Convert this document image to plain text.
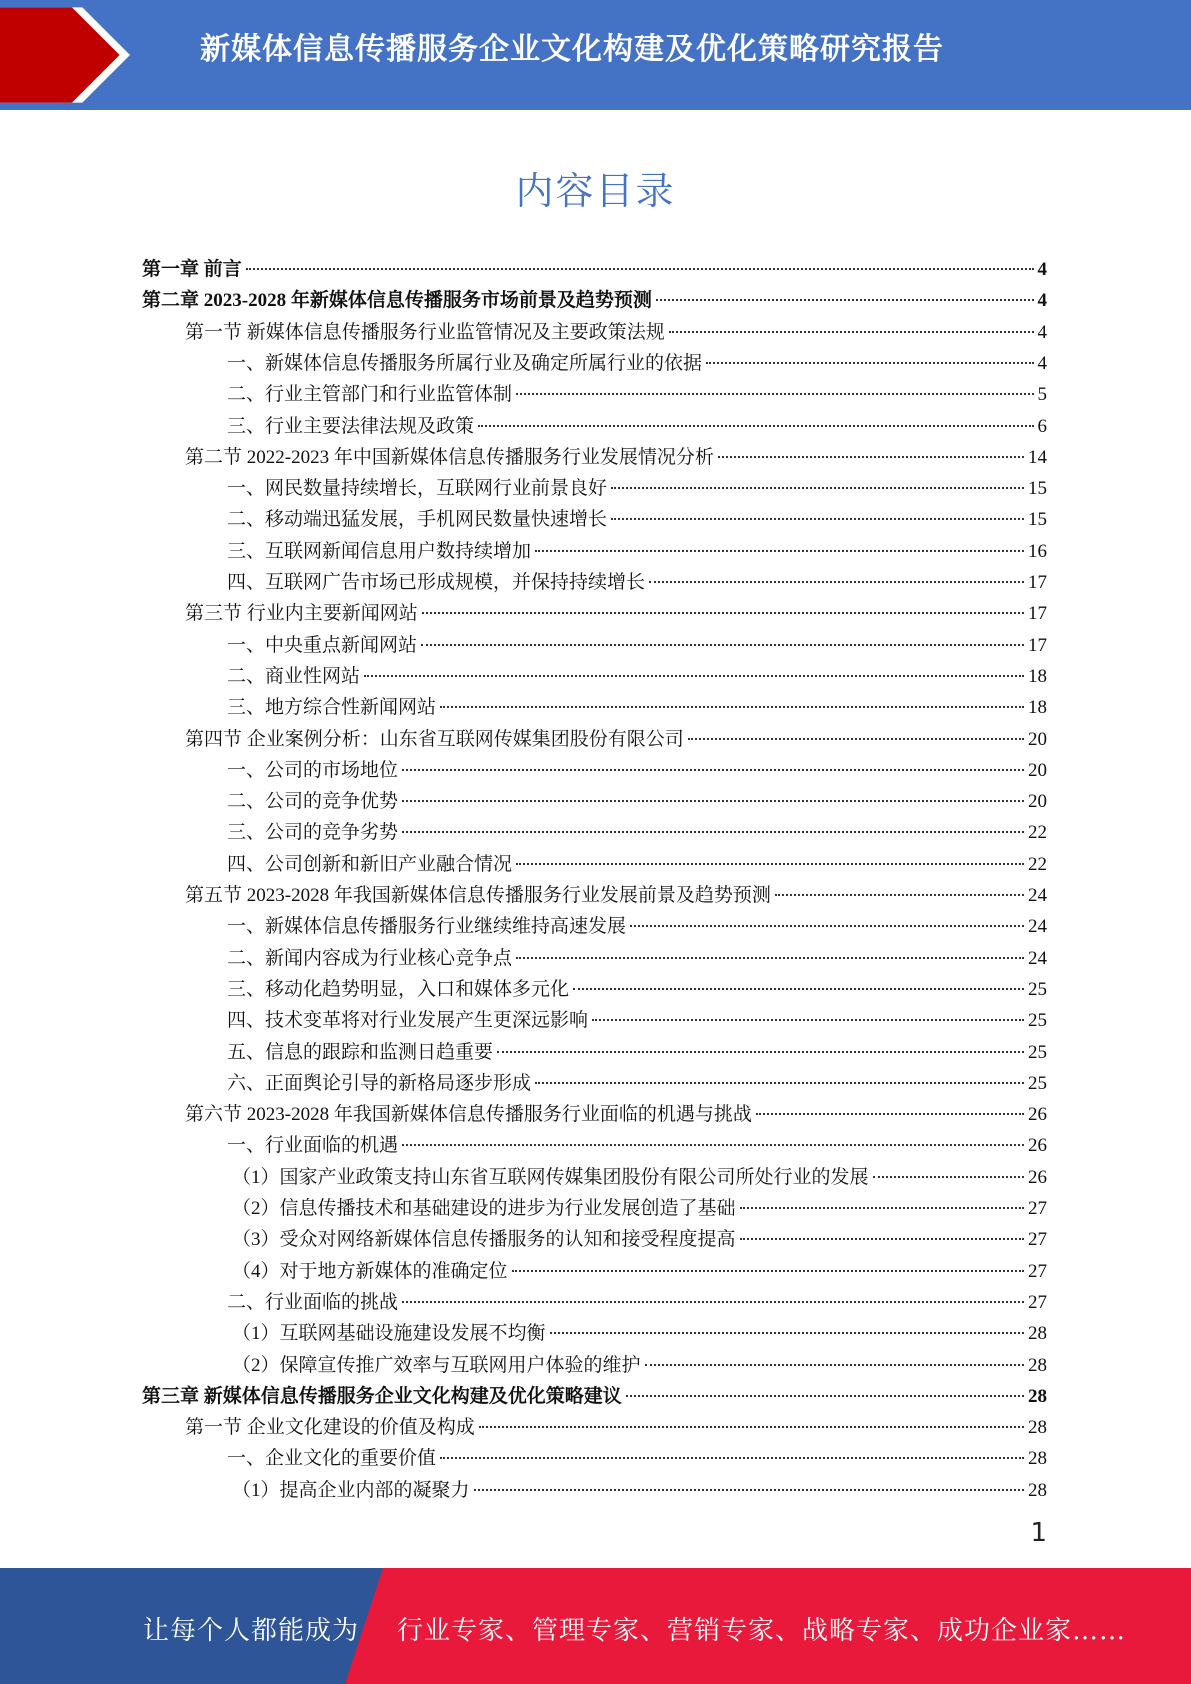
新媒体信息传播服务企业文化构建及优化策略研究报告
内容目录
第一章 前言	4
第二章 2023-2028 年新媒体信息传播服务市场前景及趋势预测	4
第一节 新媒体信息传播服务行业监管情况及主要政策法规	4
一、新媒体信息传播服务所属行业及确定所属行业的依据	4
二、行业主管部门和行业监管体制	5
三、行业主要法律法规及政策	6
第二节 2022-2023 年中国新媒体信息传播服务行业发展情况分析	14
一、网民数量持续增长，互联网行业前景良好	15
二、移动端迅猛发展，手机网民数量快速增长	15
三、互联网新闻信息用户数持续增加	16
四、互联网广告市场已形成规模，并保持持续增长	17
第三节 行业内主要新闻网站	17
一、中央重点新闻网站	17
二、商业性网站	18
三、地方综合性新闻网站	18
第四节 企业案例分析：山东省互联网传媒集团股份有限公司	20
一、公司的市场地位	20
二、公司的竞争优势	20
三、公司的竞争劣势	22
四、公司创新和新旧产业融合情况	22
第五节 2023-2028 年我国新媒体信息传播服务行业发展前景及趋势预测	24
一、新媒体信息传播服务行业继续维持高速发展	24
二、新闻内容成为行业核心竞争点	24
三、移动化趋势明显，入口和媒体多元化	25
四、技术变革将对行业发展产生更深远影响	25
五、信息的跟踪和监测日趋重要	25
六、正面舆论引导的新格局逐步形成	25
第六节 2023-2028 年我国新媒体信息传播服务行业面临的机遇与挑战	26
一、行业面临的机遇	26
（1）国家产业政策支持山东省互联网传媒集团股份有限公司所处行业的发展	26
（2）信息传播技术和基础建设的进步为行业发展创造了基础	27
（3）受众对网络新媒体信息传播服务的认知和接受程度提高	27
（4）对于地方新媒体的准确定位	27
二、行业面临的挑战	27
（1）互联网基础设施建设发展不均衡	28
（2）保障宣传推广效率与互联网用户体验的维护	28
第三章 新媒体信息传播服务企业文化构建及优化策略建议	28
第一节 企业文化建设的价值及构成	28
一、企业文化的重要价值	28
（1）提高企业内部的凝聚力	28
1
让每个人都能成为 行业专家、管理专家、营销专家、战略专家、成功企业家……
